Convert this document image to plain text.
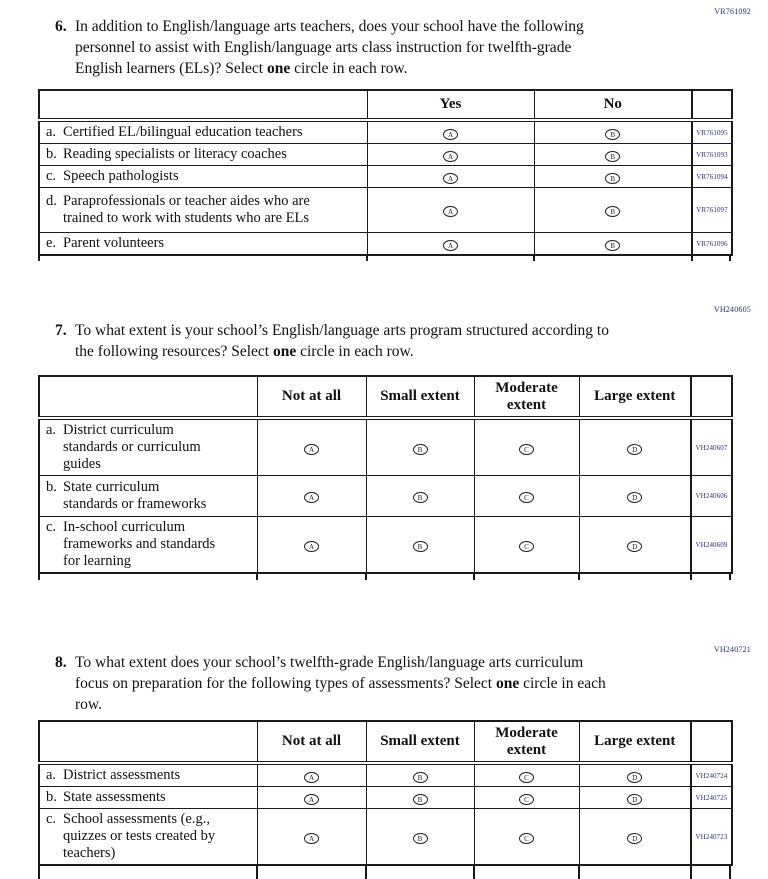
VR761092
6. In addition to English/language arts teachers, does your school have the following
personnel to assist with English/language arts class instruction for twelfth-grade
English learners (ELs)? Select one circle in each row.
	Yes	No	
a. Certified EL/bilingual education teachers	A	B	VR761095
b. Reading specialists or literacy coaches	A	B	VR761093
c. Speech pathologists	A	B	VR761094
d. Paraprofessionals or teacher aides who are
trained to work with students who are ELs	A	B	VR761097
e. Parent volunteers	A	B	VR761096
VH240605
7. To what extent is your school’s English/language arts program structured according to
the following resources? Select one circle in each row.
	Not at all	Small extent	Moderate extent	Large extent	
a. District curriculum
standards or curriculum
guides	A	B	C	D	VH240607
b. State curriculum
standards or frameworks	A	B	C	D	VH240606
c. In-school curriculum
frameworks and standards
for learning	A	B	C	D	VH240609
VH240721
8. To what extent does your school’s twelfth-grade English/language arts curriculum
focus on preparation for the following types of assessments? Select one circle in each
row.
	Not at all	Small extent	Moderate extent	Large extent	
a. District assessments	A	B	C	D	VH240724
b. State assessments	A	B	C	D	VH240725
c. School assessments (e.g.,
quizzes or tests created by
teachers)	A	B	C	D	VH240723
